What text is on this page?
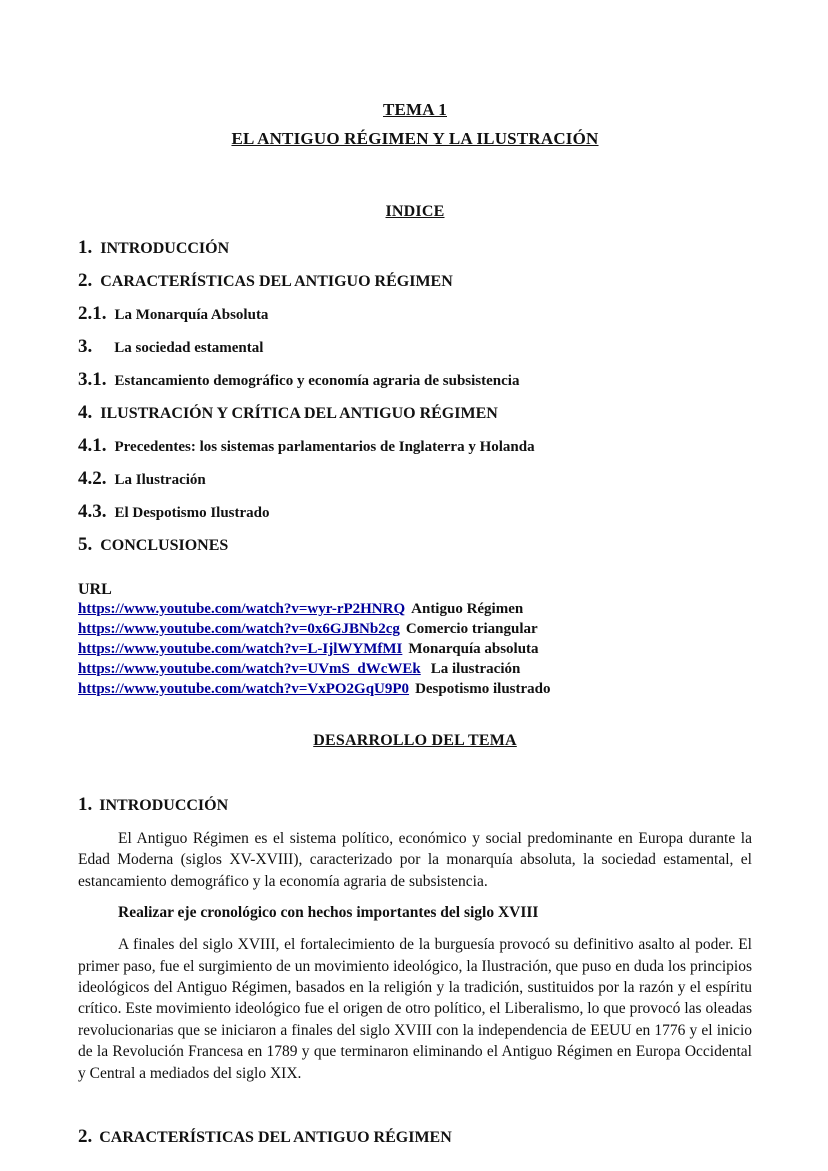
TEMA 1
EL ANTIGUO RÉGIMEN Y LA ILUSTRACIÓN
INDICE
1. INTRODUCCIÓN
2. CARACTERÍSTICAS DEL ANTIGUO RÉGIMEN
2.1. La Monarquía Absoluta
3. La sociedad estamental
3.1. Estancamiento demográfico y economía agraria de subsistencia
4. ILUSTRACIÓN Y CRÍTICA DEL ANTIGUO RÉGIMEN
4.1. Precedentes: los sistemas parlamentarios de Inglaterra y Holanda
4.2. La Ilustración
4.3. El Despotismo Ilustrado
5. CONCLUSIONES

URL

https://www.youtube.com/watch?v=wyr-rP2HNRQ Antiguo Régimen

https://www.youtube.com/watch?v=0x6GJBNb2cg Comercio triangular

https://www.youtube.com/watch?v=L-IjlWYMfMI Monarquía absoluta

https://www.youtube.com/watch?v=UVmS_dWcWEk La ilustración

https://www.youtube.com/watch?v=VxPO2GqU9P0 Despotismo ilustrado

DESARROLLO DEL TEMA
1. INTRODUCCIÓN

El Antiguo Régimen es el sistema político, económico y social predominante en Europa durante la Edad Moderna (siglos XV-XVIII), caracterizado por la monarquía absoluta, la sociedad estamental, el estancamiento demográfico y la economía agraria de subsistencia.

Realizar eje cronológico con hechos importantes del siglo XVIII

A finales del siglo XVIII, el fortalecimiento de la burguesía provocó su definitivo asalto al poder. El primer paso, fue el surgimiento de un movimiento ideológico, la Ilustración, que puso en duda los principios ideológicos del Antiguo Régimen, basados en la religión y la tradición, sustituidos por la razón y el espíritu crítico. Este movimiento ideológico fue el origen de otro político, el Liberalismo, lo que provocó las oleadas revolucionarias que se iniciaron a finales del siglo XVIII con la independencia de EEUU en 1776 y el inicio de la Revolución Francesa en 1789 y que terminaron eliminando el Antiguo Régimen en Europa Occidental y Central a mediados del siglo XIX.

2. CARACTERÍSTICAS DEL ANTIGUO RÉGIMEN
